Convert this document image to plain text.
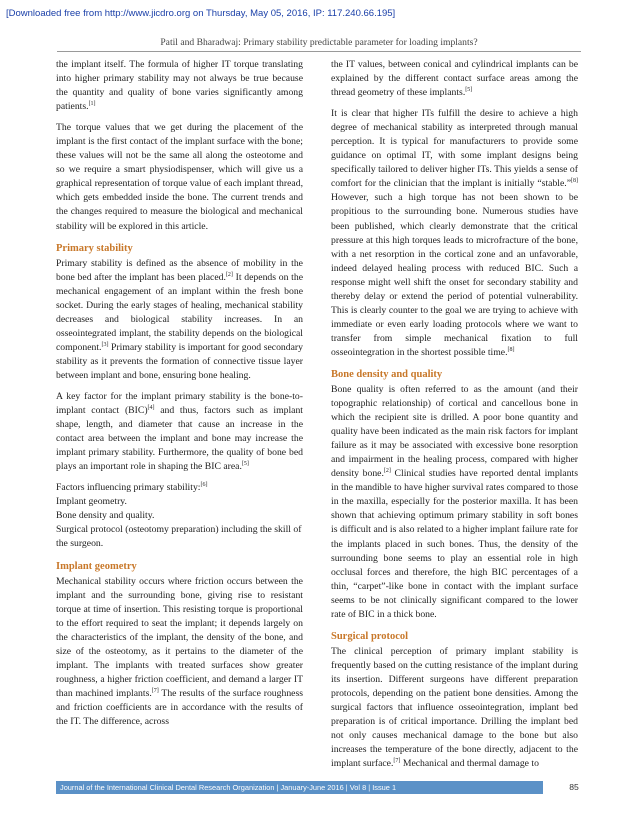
[Downloaded free from http://www.jicdro.org on Thursday, May 05, 2016, IP: 117.240.66.195]
Patil and Bharadwaj: Primary stability predictable parameter for loading implants?

the implant itself. The formula of higher IT torque translating into higher primary stability may not always be true because the quantity and quality of bone varies significantly among patients.[1]

The torque values that we get during the placement of the implant is the first contact of the implant surface with the bone; these values will not be the same all along the osteotome and so we require a smart physiodispenser, which will give us a graphical representation of torque value of each implant thread, which gets embedded inside the bone. The current trends and the changes required to measure the biological and mechanical stability will be explored in this article.

Primary stability

Primary stability is defined as the absence of mobility in the bone bed after the implant has been placed.[2] It depends on the mechanical engagement of an implant within the fresh bone socket. During the early stages of healing, mechanical stability decreases and biological stability increases. In an osseointegrated implant, the stability depends on the biological component.[3] Primary stability is important for good secondary stability as it prevents the formation of connective tissue layer between implant and bone, ensuring bone healing.

A key factor for the implant primary stability is the bone-to-implant contact (BIC)[4] and thus, factors such as implant shape, length, and diameter that cause an increase in the contact area between the implant and bone may increase the implant primary stability. Furthermore, the quality of bone bed plays an important role in shaping the BIC area.[5]

Factors influencing primary stability:[6]
Implant geometry.
Bone density and quality.
Surgical protocol (osteotomy preparation) including the skill of the surgeon.

Implant geometry

Mechanical stability occurs where friction occurs between the implant and the surrounding bone, giving rise to resistant torque at time of insertion. This resisting torque is proportional to the effort required to seat the implant; it depends largely on the characteristics of the implant, the density of the bone, and size of the osteotomy, as it pertains to the diameter of the implant. The implants with treated surfaces show greater roughness, a higher friction coefficient, and demand a larger IT than machined implants.[7] The results of the surface roughness and friction coefficients are in accordance with the results of the IT. The difference, across

the IT values, between conical and cylindrical implants can be explained by the different contact surface areas among the thread geometry of these implants.[5]

It is clear that higher ITs fulfill the desire to achieve a high degree of mechanical stability as interpreted through manual perception. It is typical for manufacturers to provide some guidance on optimal IT, with some implant designs being specifically tailored to deliver higher ITs. This yields a sense of comfort for the clinician that the implant is initially “stable.”[8] However, such a high torque has not been shown to be propitious to the surrounding bone. Numerous studies have been published, which clearly demonstrate that the critical pressure at this high torques leads to microfracture of the bone, with a net resorption in the cortical zone and an unfavorable, indeed delayed healing process with reduced BIC. Such a response might well shift the onset for secondary stability and thereby delay or extend the period of potential vulnerability. This is clearly counter to the goal we are trying to achieve with immediate or even early loading protocols where we want to transfer from simple mechanical fixation to full osseointegration in the shortest possible time.[8]

Bone density and quality

Bone quality is often referred to as the amount (and their topographic relationship) of cortical and cancellous bone in which the recipient site is drilled. A poor bone quantity and quality have been indicated as the main risk factors for implant failure as it may be associated with excessive bone resorption and impairment in the healing process, compared with higher density bone.[2] Clinical studies have reported dental implants in the mandible to have higher survival rates compared to those in the maxilla, especially for the posterior maxilla. It has been shown that achieving optimum primary stability in soft bones is difficult and is also related to a higher implant failure rate for the implants placed in such bones. Thus, the density of the surrounding bone seems to play an essential role in high occlusal forces and therefore, the high BIC percentages of a thin, “carpet”-like bone in contact with the implant surface seems to be not clinically significant compared to the lower rate of BIC in a thick bone.

Surgical protocol

The clinical perception of primary implant stability is frequently based on the cutting resistance of the implant during its insertion. Different surgeons have different preparation protocols, depending on the patient bone densities. Among the surgical factors that influence osseointegration, implant bed preparation is of critical importance. Drilling the implant bed not only causes mechanical damage to the bone but also increases the temperature of the bone directly, adjacent to the implant surface.[7] Mechanical and thermal damage to

Journal of the International Clinical Dental Research Organization | January-June 2016 | Vol 8 | Issue 1	85
